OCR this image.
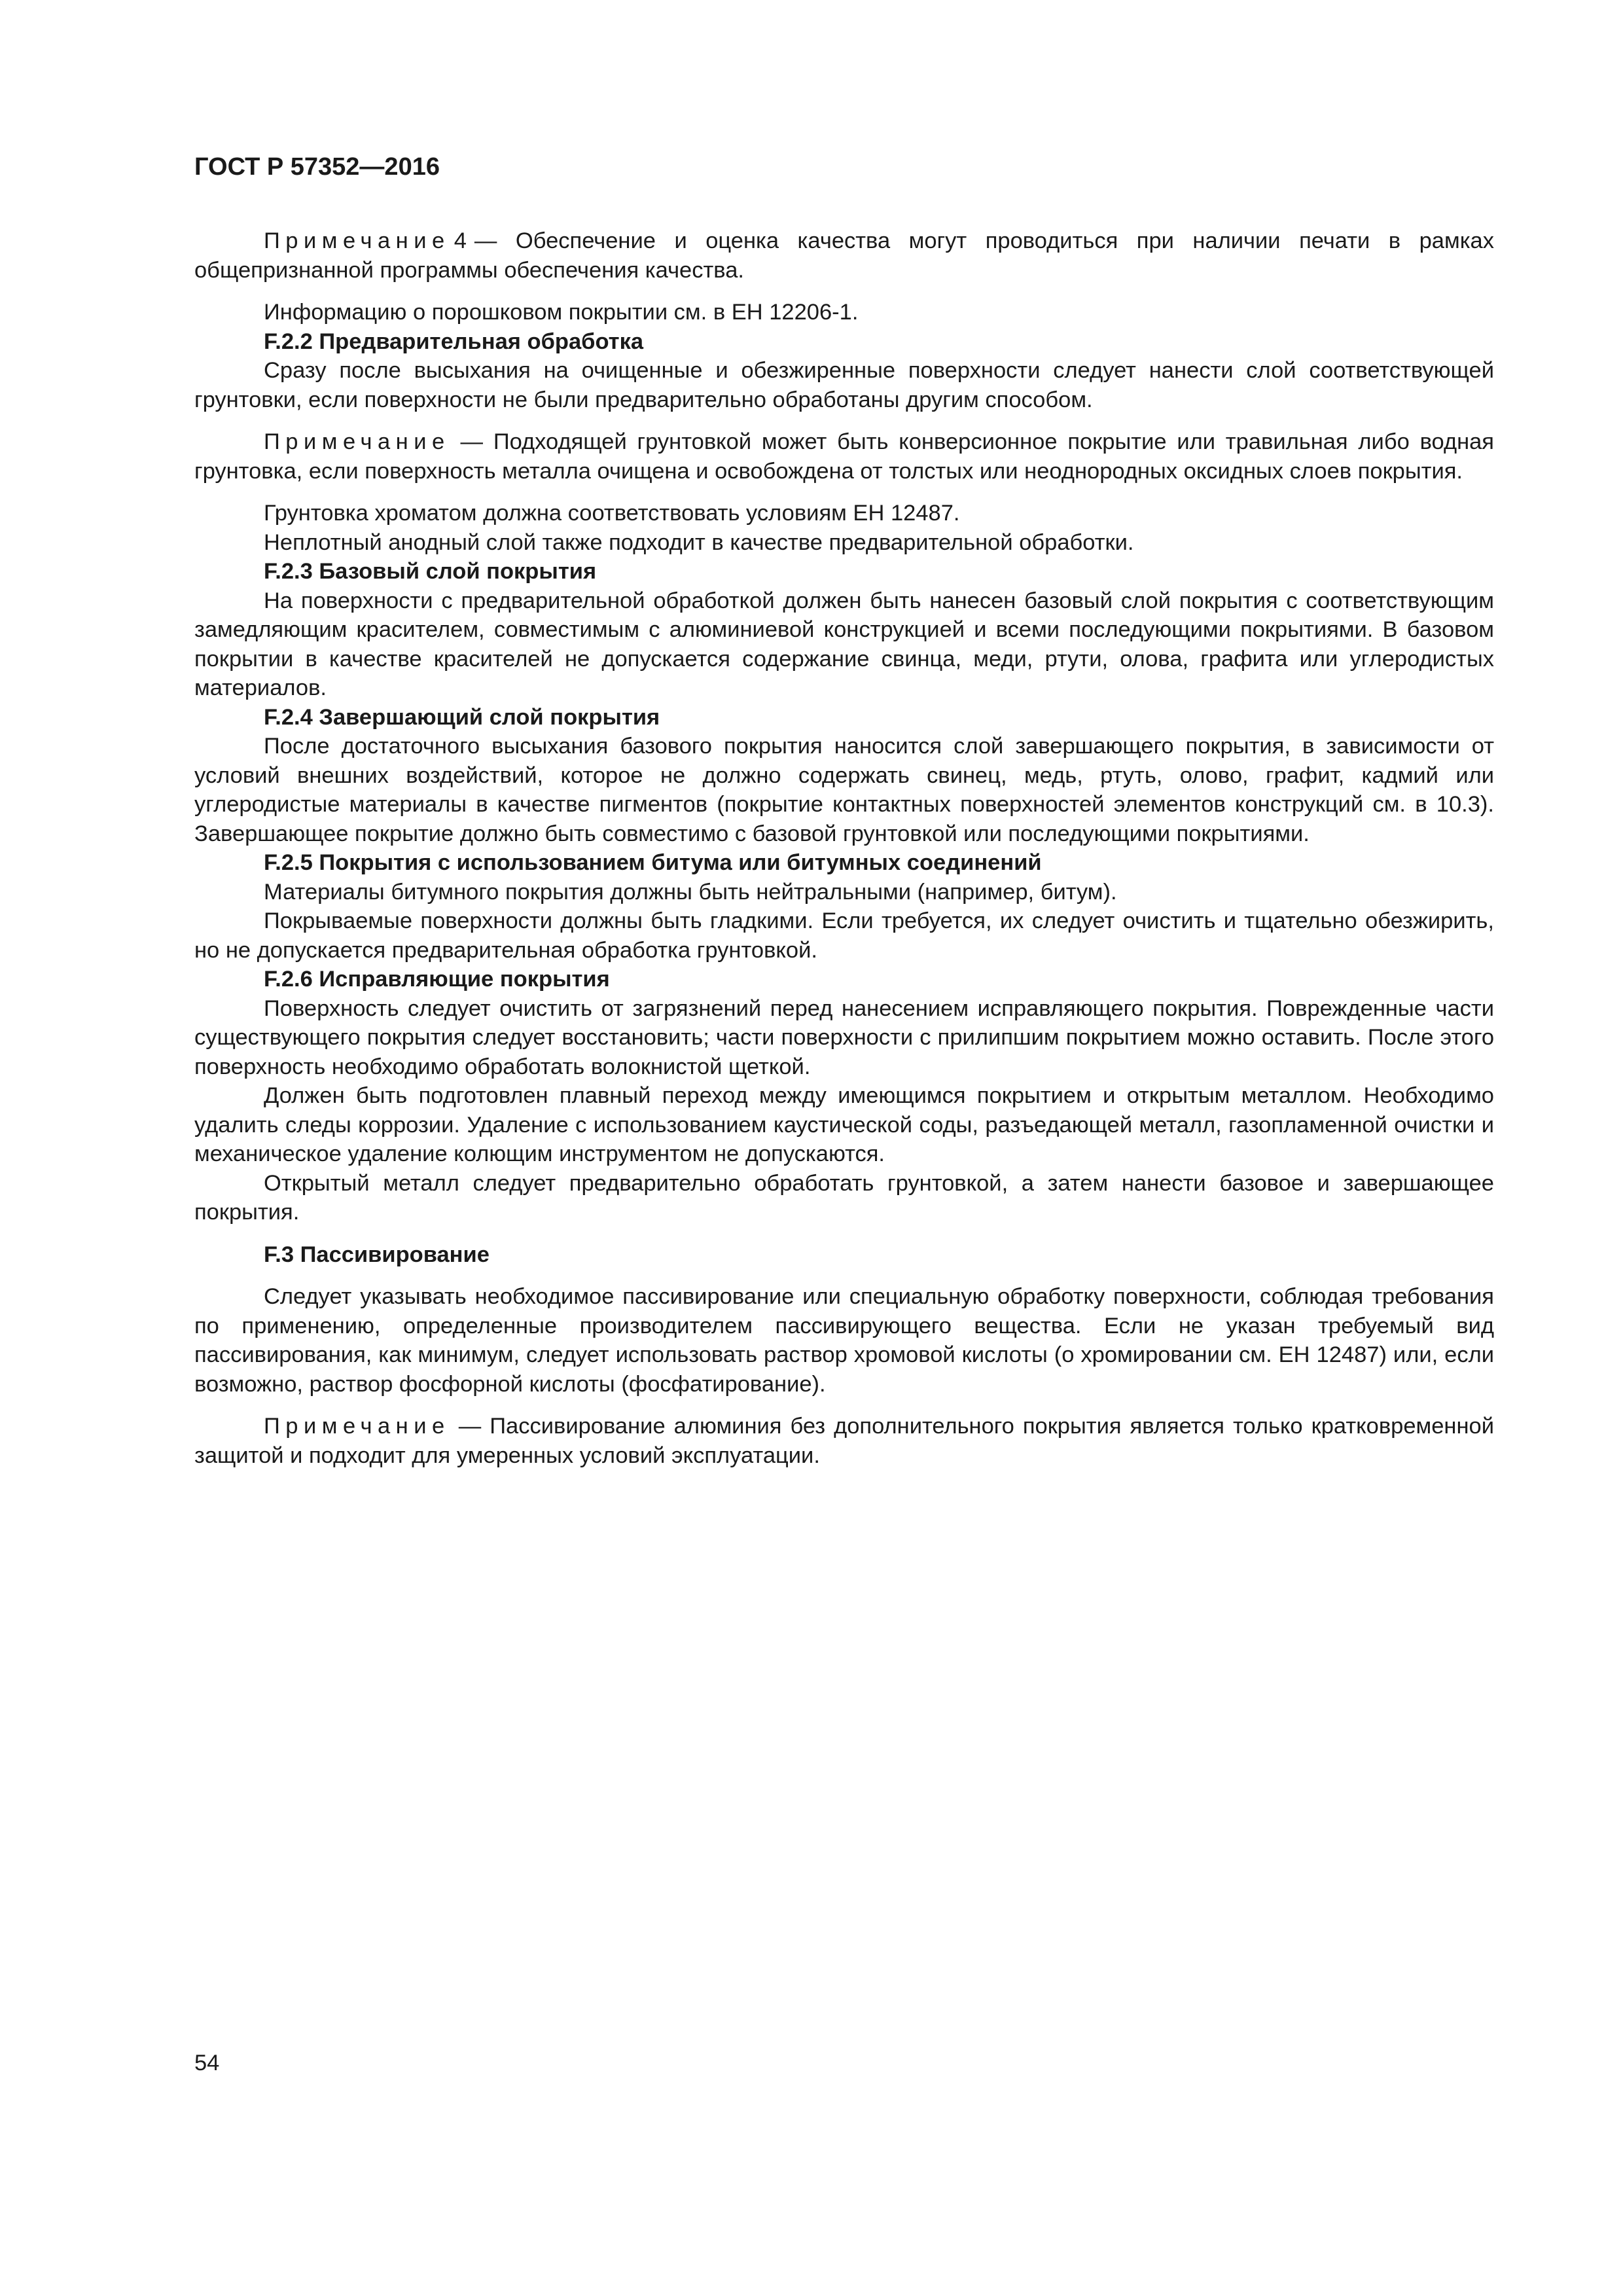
ГОСТ Р 57352—2016

Примечание 4 — Обеспечение и оценка качества могут проводиться при наличии печати в рамках общепризнанной программы обеспечения качества.

Информацию о порошковом покрытии см. в ЕН 12206-1.

F.2.2 Предварительная обработка

Сразу после высыхания на очищенные и обезжиренные поверхности следует нанести слой соответствующей грунтовки, если поверхности не были предварительно обработаны другим способом.

Примечание — Подходящей грунтовкой может быть конверсионное покрытие или травильная либо водная грунтовка, если поверхность металла очищена и освобождена от толстых или неоднородных оксидных слоев покрытия.

Грунтовка хроматом должна соответствовать условиям ЕН 12487.

Неплотный анодный слой также подходит в качестве предварительной обработки.

F.2.3 Базовый слой покрытия

На поверхности с предварительной обработкой должен быть нанесен базовый слой покрытия с соответствующим замедляющим красителем, совместимым с алюминиевой конструкцией и всеми последующими покрытиями. В базовом покрытии в качестве красителей не допускается содержание свинца, меди, ртути, олова, графита или углеродистых материалов.

F.2.4 Завершающий слой покрытия

После достаточного высыхания базового покрытия наносится слой завершающего покрытия, в зависимости от условий внешних воздействий, которое не должно содержать свинец, медь, ртуть, олово, графит, кадмий или углеродистые материалы в качестве пигментов (покрытие контактных поверхностей элементов конструкций см. в 10.3). Завершающее покрытие должно быть совместимо с базовой грунтовкой или последующими покрытиями.

F.2.5 Покрытия с использованием битума или битумных соединений

Материалы битумного покрытия должны быть нейтральными (например, битум).

Покрываемые поверхности должны быть гладкими. Если требуется, их следует очистить и тщательно обезжирить, но не допускается предварительная обработка грунтовкой.

F.2.6 Исправляющие покрытия

Поверхность следует очистить от загрязнений перед нанесением исправляющего покрытия. Поврежденные части существующего покрытия следует восстановить; части поверхности с прилипшим покрытием можно оставить. После этого поверхность необходимо обработать волокнистой щеткой.

Должен быть подготовлен плавный переход между имеющимся покрытием и открытым металлом. Необходимо удалить следы коррозии. Удаление с использованием каустической соды, разъедающей металл, газопламенной очистки и механическое удаление колющим инструментом не допускаются.

Открытый металл следует предварительно обработать грунтовкой, а затем нанести базовое и завершающее покрытия.

F.3 Пассивирование

Следует указывать необходимое пассивирование или специальную обработку поверхности, соблюдая требования по применению, определенные производителем пассивирующего вещества. Если не указан требуемый вид пассивирования, как минимум, следует использовать раствор хромовой кислоты (о хромировании см. ЕН 12487) или, если возможно, раствор фосфорной кислоты (фосфатирование).

Примечание — Пассивирование алюминия без дополнительного покрытия является только кратковременной защитой и подходит для умеренных условий эксплуатации.

54
